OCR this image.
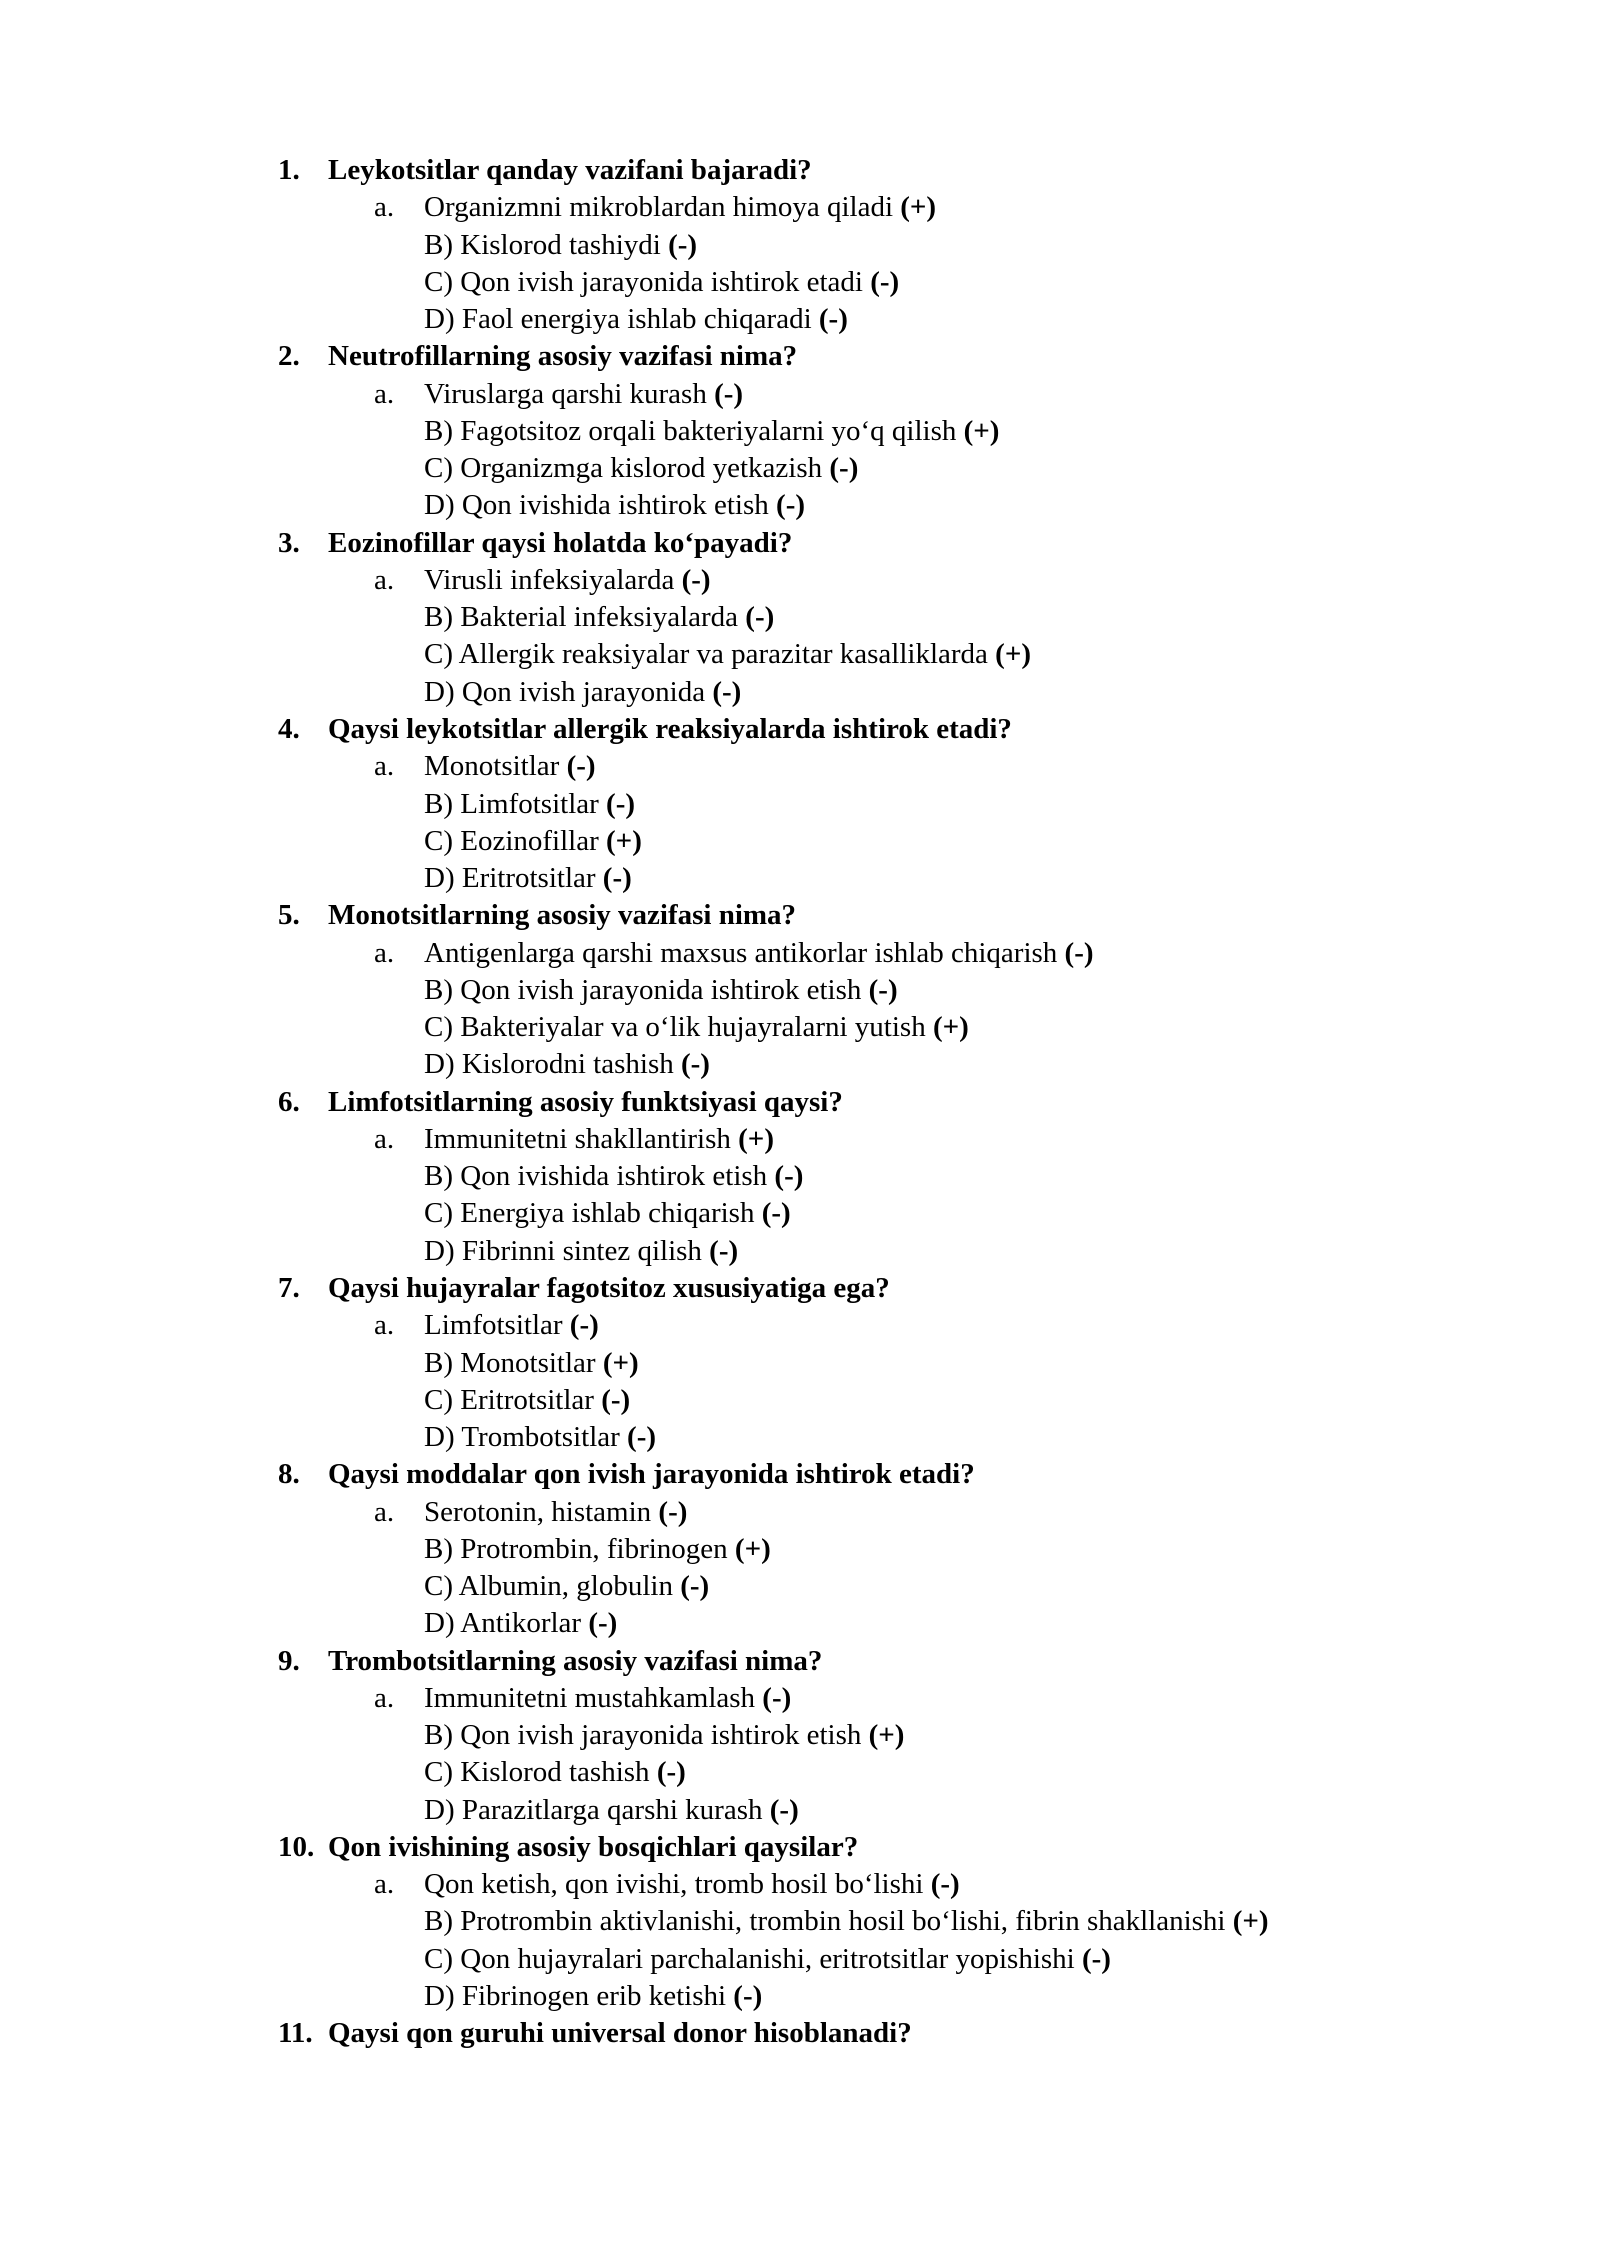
1. Leykotsitlar qanday vazifani bajaradi?
a. Organizmni mikroblardan himoya qiladi (+)
B) Kislorod tashiydi (-)
C) Qon ivish jarayonida ishtirok etadi (-)
D) Faol energiya ishlab chiqaradi (-)
2. Neutrofillarning asosiy vazifasi nima?
a. Viruslarga qarshi kurash (-)
B) Fagotsitoz orqali bakteriyalarni yo‘q qilish (+)
C) Organizmga kislorod yetkazish (-)
D) Qon ivishida ishtirok etish (-)
3. Eozinofillar qaysi holatda ko‘payadi?
a. Virusli infeksiyalarda (-)
B) Bakterial infeksiyalarda (-)
C) Allergik reaksiyalar va parazitar kasalliklarda (+)
D) Qon ivish jarayonida (-)
4. Qaysi leykotsitlar allergik reaksiyalarda ishtirok etadi?
a. Monotsitlar (-)
B) Limfotsitlar (-)
C) Eozinofillar (+)
D) Eritrotsitlar (-)
5. Monotsitlarning asosiy vazifasi nima?
a. Antigenlarga qarshi maxsus antikorlar ishlab chiqarish (-)
B) Qon ivish jarayonida ishtirok etish (-)
C) Bakteriyalar va o‘lik hujayralarni yutish (+)
D) Kislorodni tashish (-)
6. Limfotsitlarning asosiy funktsiyasi qaysi?
a. Immunitetni shakllantirish (+)
B) Qon ivishida ishtirok etish (-)
C) Energiya ishlab chiqarish (-)
D) Fibrinni sintez qilish (-)
7. Qaysi hujayralar fagotsitoz xususiyatiga ega?
a. Limfotsitlar (-)
B) Monotsitlar (+)
C) Eritrotsitlar (-)
D) Trombotsitlar (-)
8. Qaysi moddalar qon ivish jarayonida ishtirok etadi?
a. Serotonin, histamin (-)
B) Protrombin, fibrinogen (+)
C) Albumin, globulin (-)
D) Antikorlar (-)
9. Trombotsitlarning asosiy vazifasi nima?
a. Immunitetni mustahkamlash (-)
B) Qon ivish jarayonida ishtirok etish (+)
C) Kislorod tashish (-)
D) Parazitlarga qarshi kurash (-)
10. Qon ivishining asosiy bosqichlari qaysilar?
a. Qon ketish, qon ivishi, tromb hosil bo‘lishi (-)
B) Protrombin aktivlanishi, trombin hosil bo‘lishi, fibrin shakllanishi (+)
C) Qon hujayralari parchalanishi, eritrotsitlar yopishishi (-)
D) Fibrinogen erib ketishi (-)
11. Qaysi qon guruhi universal donor hisoblanadi?
